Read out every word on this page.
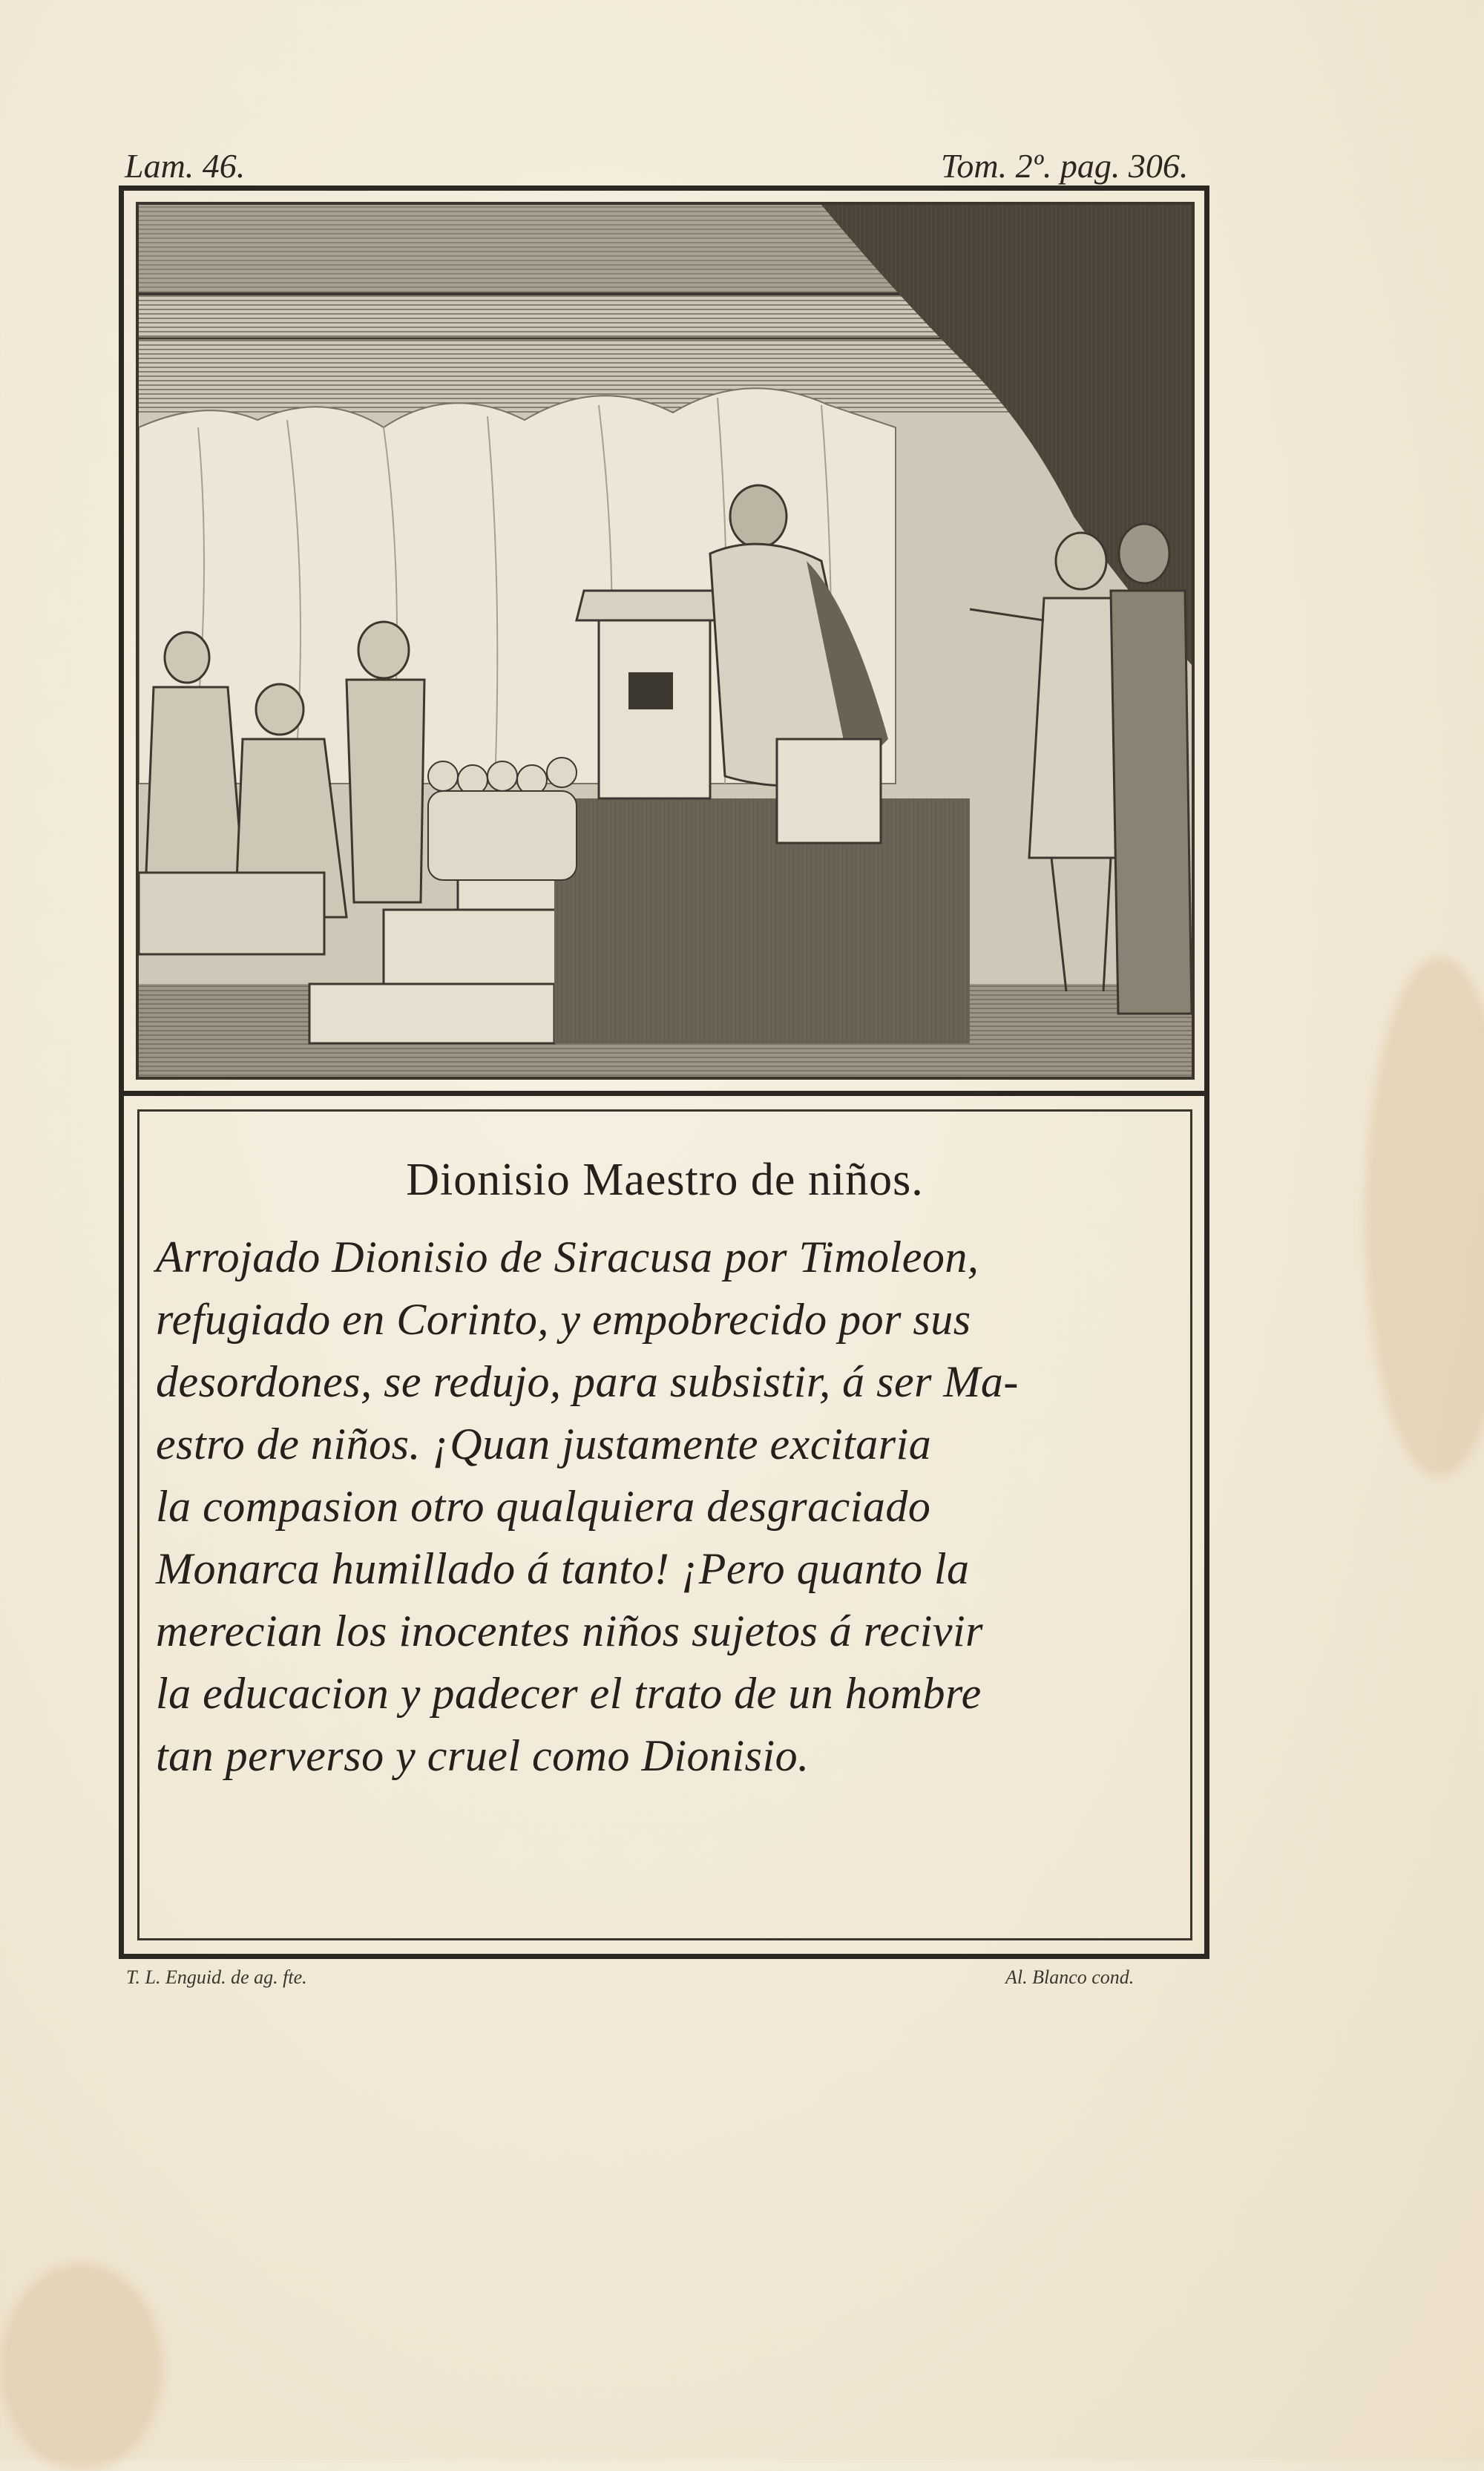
Lam. 46.	Tom. 2º. pag. 306.
Dionisio Maestro de niños.
Arrojado Dionisio de Siracusa por Timoleon,
refugiado en Corinto, y empobrecido por sus
desordones, se redujo, para subsistir, á ser Ma-
estro de niños. ¡Quan justamente excitaria
la compasion otro qualquiera desgraciado
Monarca humillado á tanto! ¡Pero quanto la
merecian los inocentes niños sujetos á recivir
la educacion y padecer el trato de un hombre
tan perverso y cruel como Dionisio.
T. L. Enguid. de ag. fte.	Al. Blanco cond.
